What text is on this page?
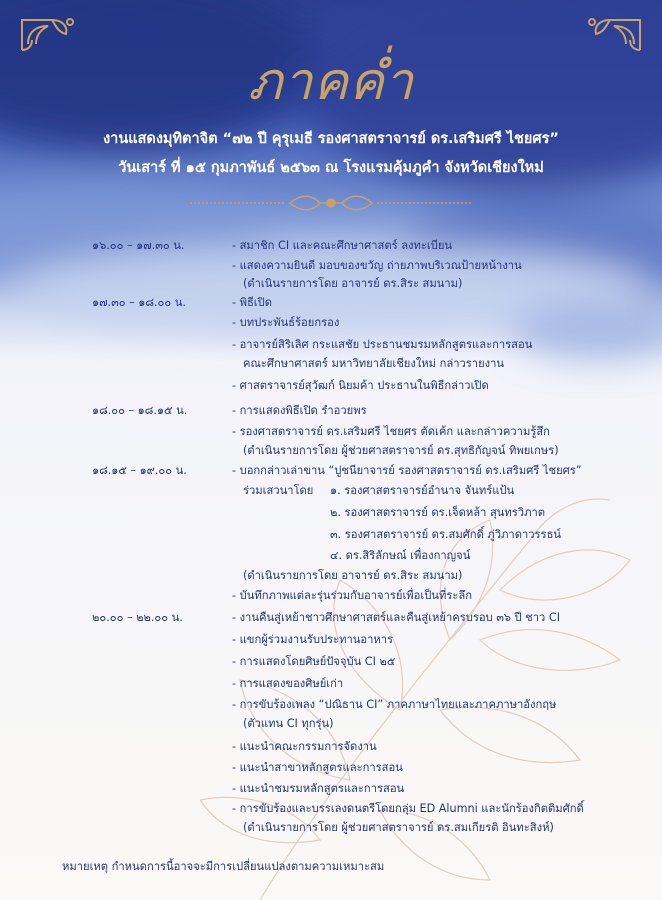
ภาคค่ำ
งานแสดงมุทิตาจิต “๗๒ ปี คุรุเมธี รองศาสตราจารย์ ดร.เสริมศรี ไชยศร”
วันเสาร์ ที่ ๑๕ กุมภาพันธ์ ๒๕๖๓ ณ โรงแรมคุ้มภูคำ จังหวัดเชียงใหม่
๑๖.๐๐ – ๑๗.๓๐ น.
๑๗.๓๐ – ๑๘.๐๐ น.
๑๘.๐๐ – ๑๘.๑๕ น.
๑๘.๑๕ – ๑๙.๐๐ น.
๒๐.๐๐ – ๒๒.๐๐ น.
- สมาชิก CI และคณะศึกษาศาสตร์ ลงทะเบียน
- แสดงความยินดี มอบของขวัญ ถ่ายภาพบริเวณป้ายหน้างาน
(ดำเนินรายการโดย อาจารย์ ดร.สิระ สมนาม)
- พิธีเปิด
- บทประพันธ์ร้อยกรอง
- อาจารย์สิริเลิศ กระแสชัย ประธานชมรมหลักสูตรและการสอน
คณะศึกษาศาสตร์ มหาวิทยาลัยเชียงใหม่ กล่าวรายงาน
- ศาสตราจารย์สุวัฒก์ นิยมค้า ประธานในพิธีกล่าวเปิด
- การแสดงพิธีเปิด รำอวยพร
- รองศาสตราจารย์ ดร.เสริมศรี ไชยศร ตัดเค้ก และกล่าวความรู้สึก
(ดำเนินรายการโดย ผู้ช่วยศาสตราจารย์ ดร.สุทธิกัญจน์ ทิพยเกษร)
- บอกกล่าวเล่าขาน “ปูชนียาจารย์ รองศาสตราจารย์ ดร.เสริมศรี ไชยศร”
ร่วมเสวนาโดย ๑. รองศาสตราจารย์อำนาจ จันทร์แป้น
๒. รองศาสตราจารย์ ดร.เจ็ดหล้า สุนทรวิภาต
๓. รองศาสตราจารย์ ดร.สมศักดิ์ ภู่วิภาดาวรรธน์
๔. ดร.สิริลักษณ์ เพื่องกาญจน์
(ดำเนินรายการโดย อาจารย์ ดร.สิระ สมนาม)
- บันทึกภาพแต่ละรุ่นร่วมกับอาจารย์เพื่อเป็นที่ระลึก
- งานคืนสู่เหย้าชาวศึกษาศาสตร์และคืนสู่เหย้าครบรอบ ๓๖ ปี ชาว CI
- แขกผู้ร่วมงานรับประทานอาหาร
- การแสดงโดยศิษย์ปัจจุบัน CI ๒๕
- การแสดงของศิษย์เก่า
- การขับร้องเพลง “ปณิธาน CI” ภาคภาษาไทยและภาคภาษาอังกฤษ
(ตัวแทน CI ทุกรุ่น)
- แนะนำคณะกรรมการจัดงาน
- แนะนำสาขาหลักสูตรและการสอน
- แนะนำชมรมหลักสูตรและการสอน
- การขับร้องและบรรเลงดนตรีโดยกลุ่ม ED Alumni และนักร้องกิตติมศักดิ์
(ดำเนินรายการโดย ผู้ช่วยศาสตราจารย์ ดร.สมเกียรติ อินทะสิงห์)
หมายเหตุ กำหนดการนี้อาจจะมีการเปลี่ยนแปลงตามความเหมาะสม
